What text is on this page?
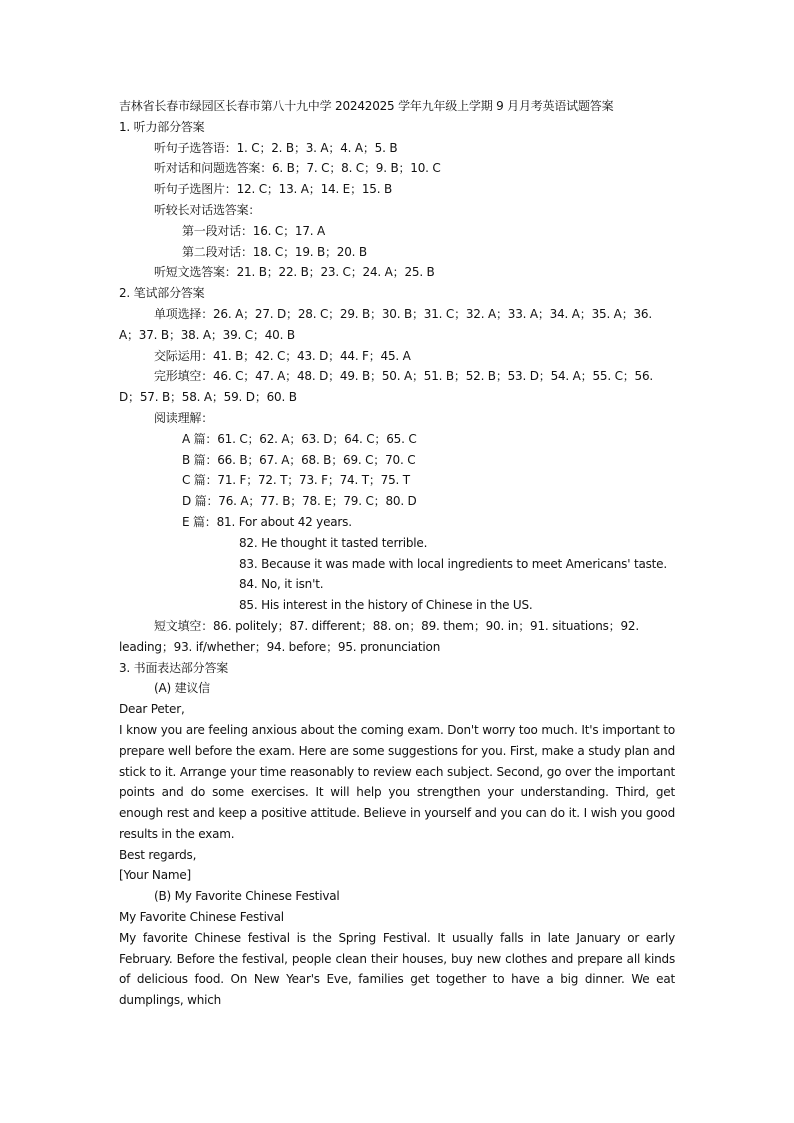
吉林省长春市绿园区长春市第八十九中学 20242025 学年九年级上学期 9 月月考英语试题答案
1. 听力部分答案
听句子选答语：1. C；2. B；3. A；4. A；5. B
听对话和问题选答案：6. B；7. C；8. C；9. B；10. C
听句子选图片：12. C；13. A；14. E；15. B
听较长对话选答案：
第一段对话：16. C；17. A
第二段对话：18. C；19. B；20. B
听短文选答案：21. B；22. B；23. C；24. A；25. B
2. 笔试部分答案
单项选择：26. A；27. D；28. C；29. B；30. B；31. C；32. A；33. A；34. A；35. A；36.
A；37. B；38. A；39. C；40. B
交际运用：41. B；42. C；43. D；44. F；45. A
完形填空：46. C；47. A；48. D；49. B；50. A；51. B；52. B；53. D；54. A；55. C；56.
D；57. B；58. A；59. D；60. B
阅读理解：
A 篇：61. C；62. A；63. D；64. C；65. C
B 篇：66. B；67. A；68. B；69. C；70. C
C 篇：71. F；72. T；73. F；74. T；75. T
D 篇：76. A；77. B；78. E；79. C；80. D
E 篇：81. For about 42 years.
82. He thought it tasted terrible.
83. Because it was made with local ingredients to meet Americans' taste.
84. No, it isn't.
85. His interest in the history of Chinese in the US.
短文填空：86. politely；87. different；88. on；89. them；90. in；91. situations；92.
leading；93. if/whether；94. before；95. pronunciation
3. 书面表达部分答案
(A) 建议信
Dear Peter,
I know you are feeling anxious about the coming exam. Don't worry too much. It's important to prepare well before the exam. Here are some suggestions for you. First, make a study plan and stick to it. Arrange your time reasonably to review each subject. Second, go over the important points and do some exercises. It will help you strengthen your understanding. Third, get enough rest and keep a positive attitude. Believe in yourself and you can do it. I wish you good results in the exam.
Best regards,
[Your Name]
(B) My Favorite Chinese Festival
My Favorite Chinese Festival
My favorite Chinese festival is the Spring Festival. It usually falls in late January or early February. Before the festival, people clean their houses, buy new clothes and prepare all kinds of delicious food. On New Year's Eve, families get together to have a big dinner. We eat dumplings, which
